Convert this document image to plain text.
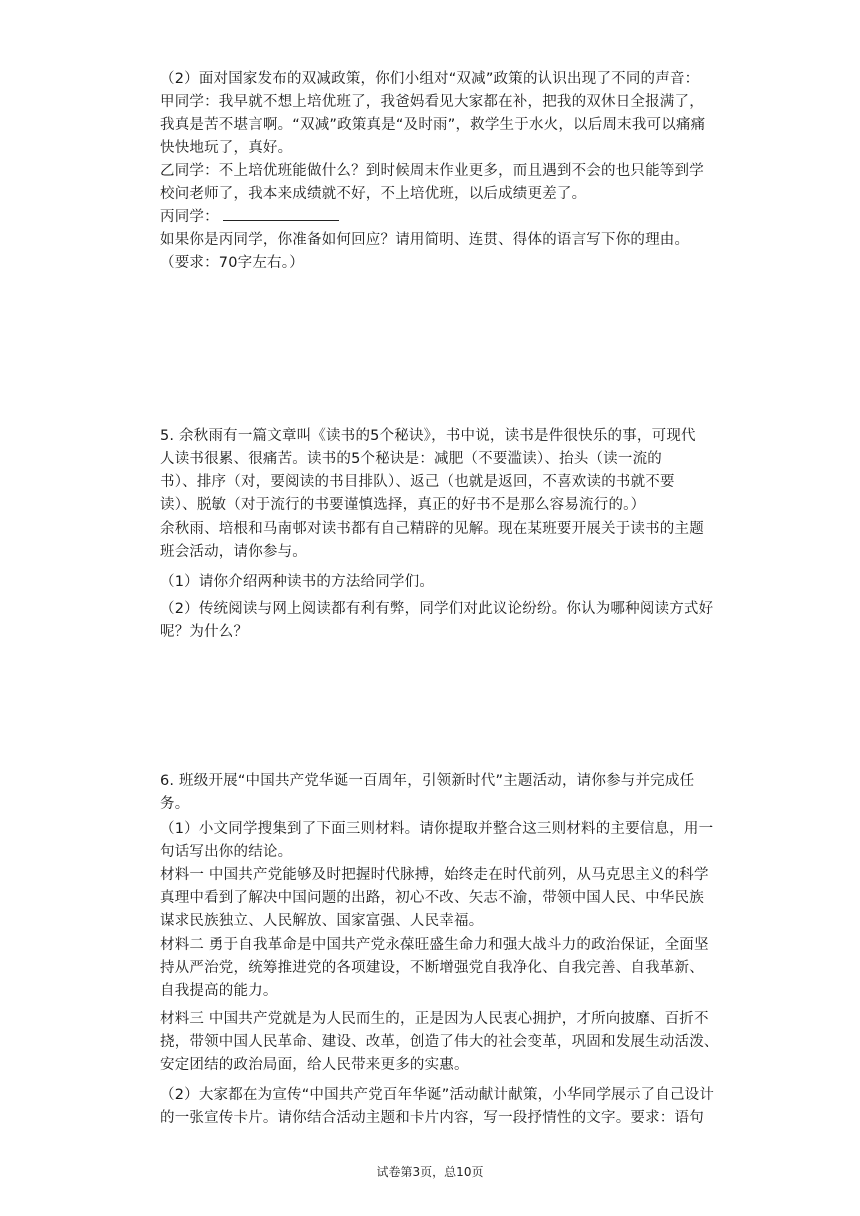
（2）面对国家发布的双减政策，你们小组对“双减”政策的认识出现了不同的声音：
甲同学：我早就不想上培优班了，我爸妈看见大家都在补，把我的双休日全报满了，
我真是苦不堪言啊。“双减”政策真是“及时雨”，救学生于水火，以后周末我可以痛痛
快快地玩了，真好。
乙同学：不上培优班能做什么？到时候周末作业更多，而且遇到不会的也只能等到学
校问老师了，我本来成绩就不好，不上培优班，以后成绩更差了。
丙同学：
如果你是丙同学，你准备如何回应？请用简明、连贯、得体的语言写下你的理由。
（要求：70字左右。）
5. 余秋雨有一篇文章叫《读书的5个秘诀》，书中说，读书是件很快乐的事，可现代
人读书很累、很痛苦。读书的5个秘诀是：减肥（不要滥读）、抬头（读一流的
书）、排序（对，要阅读的书目排队）、返己（也就是返回，不喜欢读的书就不要
读）、脱敏（对于流行的书要谨慎选择，真正的好书不是那么容易流行的。）
余秋雨、培根和马南邨对读书都有自己精辟的见解。现在某班要开展关于读书的主题
班会活动，请你参与。
（1）请你介绍两种读书的方法给同学们。
（2）传统阅读与网上阅读都有利有弊，同学们对此议论纷纷。你认为哪种阅读方式好
呢？为什么？
6. 班级开展“中国共产党华诞一百周年，引领新时代”主题活动，请你参与并完成任
务。
（1）小文同学搜集到了下面三则材料。请你提取并整合这三则材料的主要信息，用一
句话写出你的结论。
材料一 中国共产党能够及时把握时代脉搏，始终走在时代前列，从马克思主义的科学
真理中看到了解决中国问题的出路，初心不改、矢志不渝，带领中国人民、中华民族
谋求民族独立、人民解放、国家富强、人民幸福。
材料二 勇于自我革命是中国共产党永葆旺盛生命力和强大战斗力的政治保证，全面坚
持从严治党，统筹推进党的各项建设，不断增强党自我净化、自我完善、自我革新、
自我提高的能力。
材料三 中国共产党就是为人民而生的，正是因为人民衷心拥护，才所向披靡、百折不
挠，带领中国人民革命、建设、改革，创造了伟大的社会变革，巩固和发展生动活泼、
安定团结的政治局面，给人民带来更多的实惠。
（2）大家都在为宣传“中国共产党百年华诞”活动献计献策，小华同学展示了自己设计
的一张宣传卡片。请你结合活动主题和卡片内容，写一段抒情性的文字。要求：语句
试卷第3页，总10页
